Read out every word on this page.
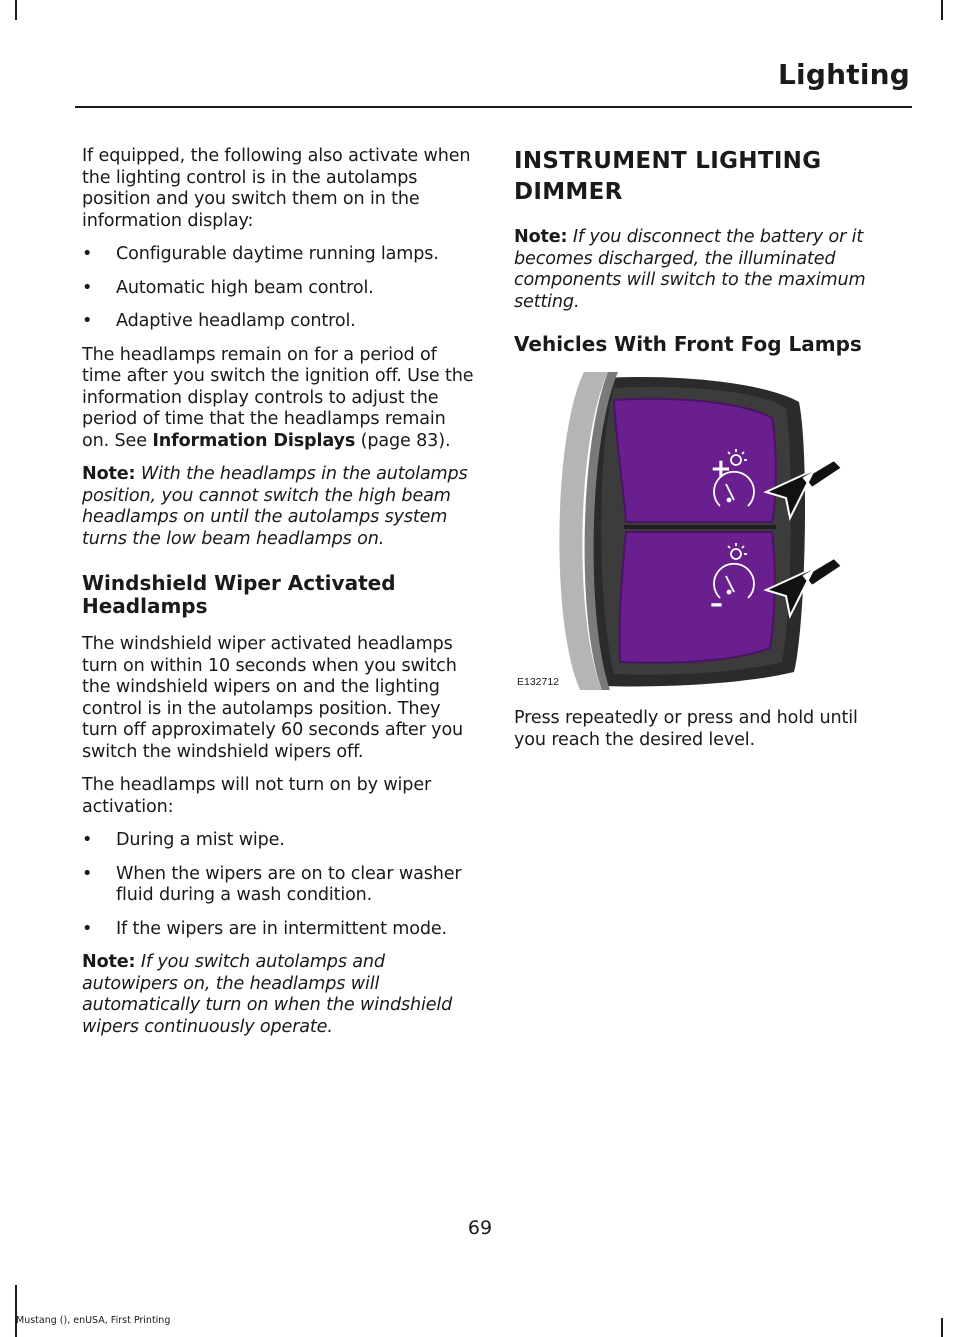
Lighting

If equipped, the following also activate when the lighting control is in the autolamps position and you switch them on in the information display:

• Configurable daytime running lamps.
• Automatic high beam control.
• Adaptive headlamp control.

The headlamps remain on for a period of time after you switch the ignition off. Use the information display controls to adjust the period of time that the headlamps remain on. See Information Displays (page 83).

Note: With the headlamps in the autolamps position, you cannot switch the high beam headlamps on until the autolamps system turns the low beam headlamps on.

Windshield Wiper Activated Headlamps

The windshield wiper activated headlamps turn on within 10 seconds when you switch the windshield wipers on and the lighting control is in the autolamps position. They turn off approximately 60 seconds after you switch the windshield wipers off.

The headlamps will not turn on by wiper activation:

• During a mist wipe.
• When the wipers are on to clear washer fluid during a wash condition.
• If the wipers are in intermittent mode.

Note: If you switch autolamps and autowipers on, the headlamps will automatically turn on when the windshield wipers continuously operate.

INSTRUMENT LIGHTING DIMMER

Note: If you disconnect the battery or it becomes discharged, the illuminated components will switch to the maximum setting.

Vehicles With Front Fog Lamps
+
–
E132712

Press repeatedly or press and hold until you reach the desired level.

69
Mustang (), enUSA, First Printing
